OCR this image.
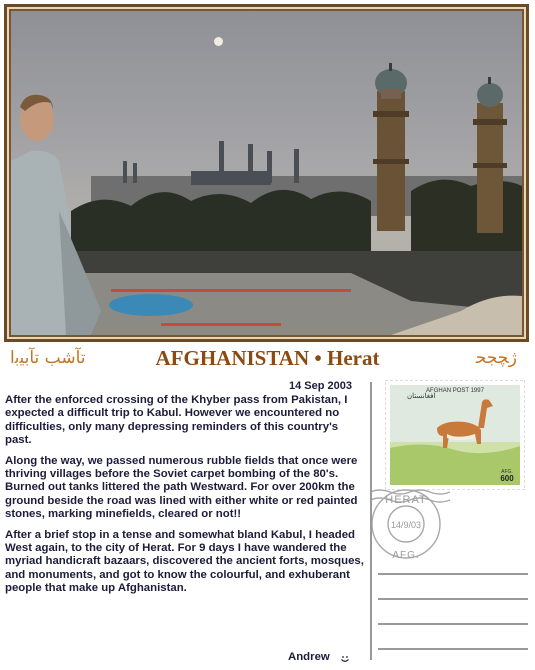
ﺗﺂﺷﺐ ﺗﺂﺑﻴﺑﺍ	AFGHANISTAN • Herat	ﮊﭽﺠﺤ
14 Sep 2003

After the enforced crossing of the Khyber pass from Pakistan, I expected a difficult trip to Kabul. However we encountered no difficulties, only many depressing reminders of this country's past.

Along the way, we passed numerous rubble fields that once were thriving villages before the Soviet carpet bombing of the 80's. Burned out tanks littered the path Westward. For over 200km the ground beside the road was lined with either white or red painted stones, marking minefields, cleared or not!!

After a brief stop in a tense and somewhat bland Kabul, I headed West again, to the city of Herat. For 9 days I have wandered the myriad handicraft bazaars, discovered the ancient forts, mosques, and monuments, and got to know the colourful, and exhuberant people that make up Afghanistan.

Andrew
AFGHAN POST 1997
ﺍﻓﻐﺎﻧﺴﺘﺎﻥ
AFG.
600
HERAT
14/9/03
AFG.
